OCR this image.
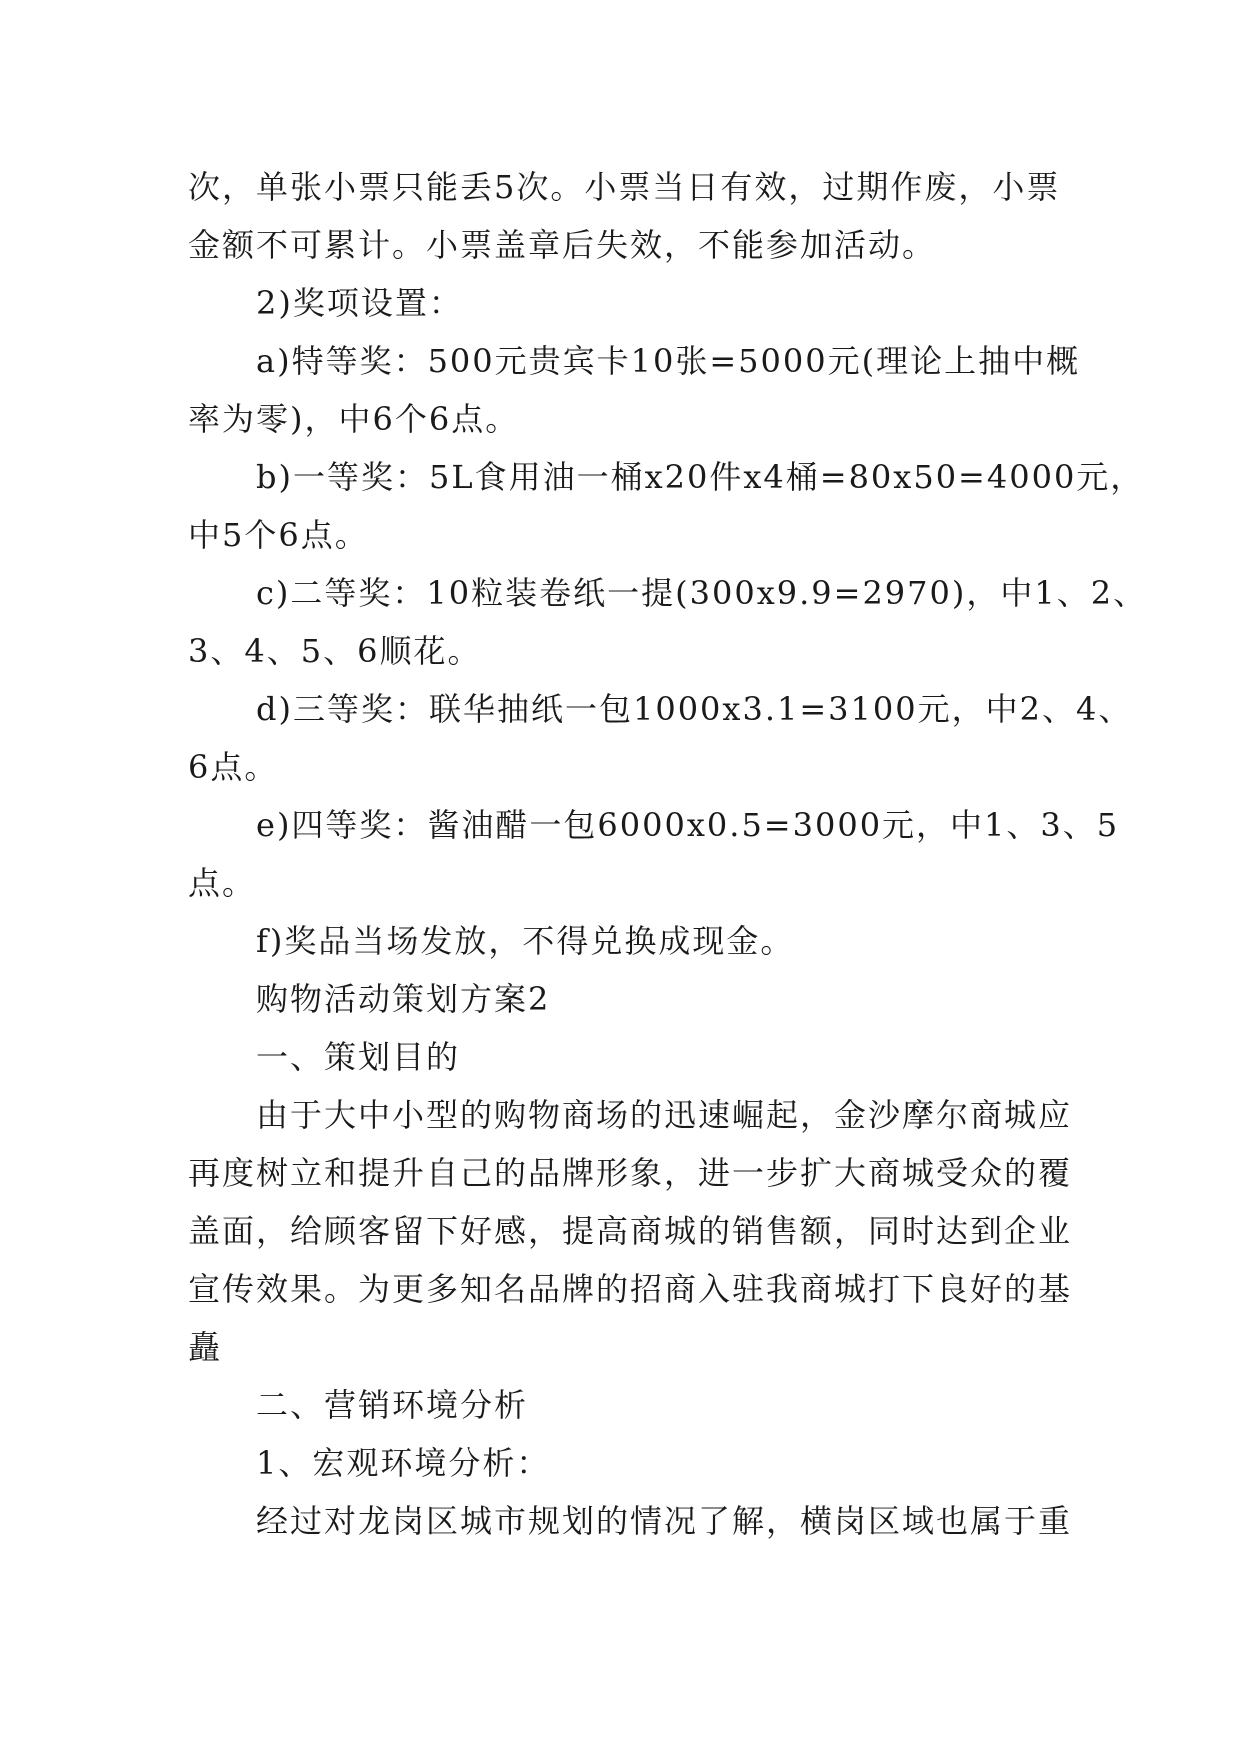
次，单张小票只能丢5次。小票当日有效，过期作废，小票
金额不可累计。小票盖章后失效，不能参加活动。
2)奖项设置：
a)特等奖：500元贵宾卡10张=5000元(理论上抽中概
率为零)，中6个6点。
b)一等奖：5L食用油一桶x20件x4桶=80x50=4000元，
中5个6点。
c)二等奖：10粒装卷纸一提(300x9.9=2970)，中1、2、
3、4、5、6顺花。
d)三等奖：联华抽纸一包1000x3.1=3100元，中2、4、
6点。
e)四等奖：酱油醋一包6000x0.5=3000元，中1、3、5
点。
f)奖品当场发放，不得兑换成现金。
购物活动策划方案2
一、策划目的
由于大中小型的购物商场的迅速崛起，金沙摩尔商城应
再度树立和提升自己的品牌形象，进一步扩大商城受众的覆
盖面，给顾客留下好感，提高商城的销售额，同时达到企业
宣传效果。为更多知名品牌的招商入驻我商城打下良好的基
矗
二、营销环境分析
1、宏观环境分析：
经过对龙岗区城市规划的情况了解，横岗区域也属于重
